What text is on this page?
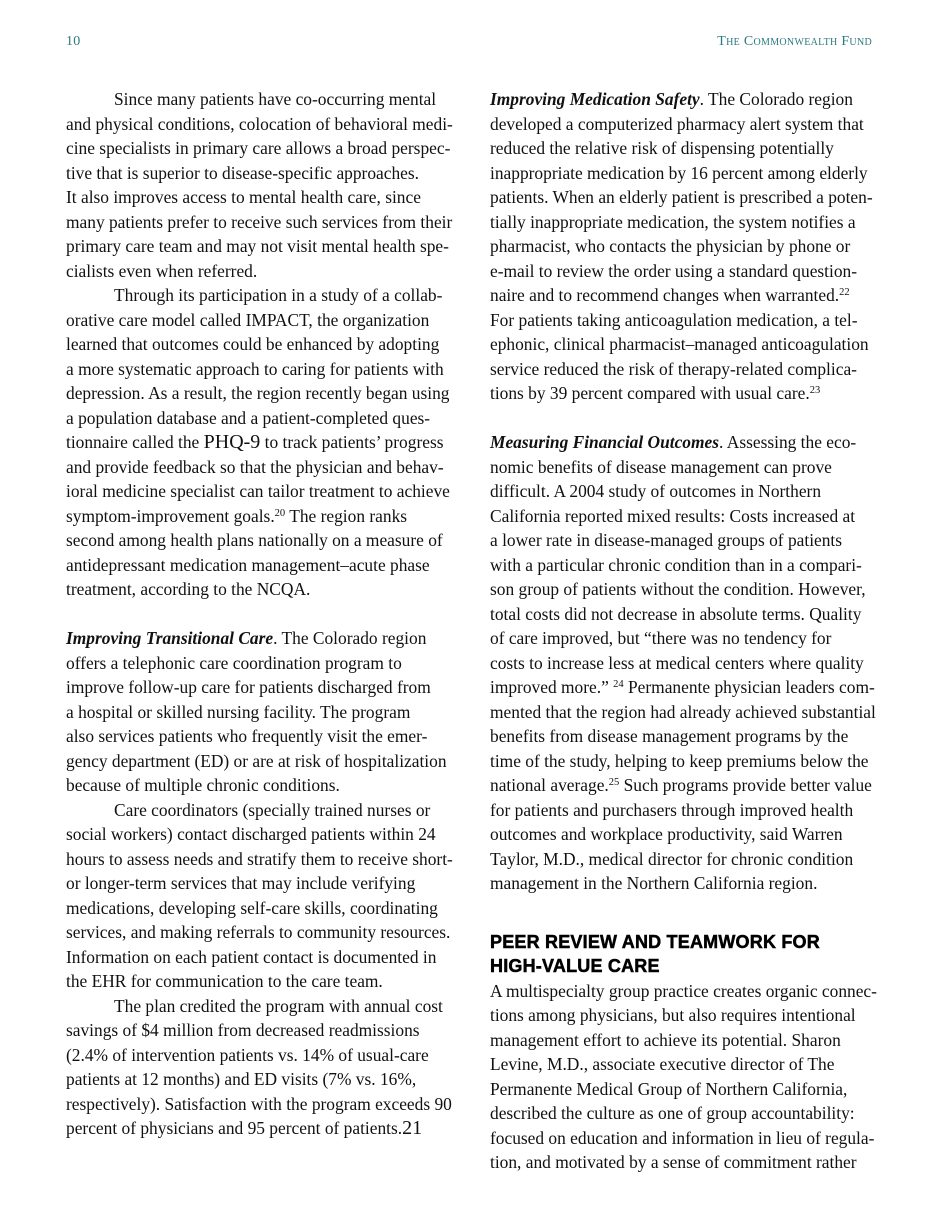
10	The Commonwealth Fund
Since many patients have co-occurring mental
and physical conditions, colocation of behavioral medi-
cine specialists in primary care allows a broad perspec-
tive that is superior to disease-specific approaches.
It also improves access to mental health care, since
many patients prefer to receive such services from their
primary care team and may not visit mental health spe-
cialists even when referred.
Through its participation in a study of a collab-
orative care model called IMPACT, the organization
learned that outcomes could be enhanced by adopting
a more systematic approach to caring for patients with
depression. As a result, the region recently began using
a population database and a patient-completed ques-
tionnaire called the PHQ-9 to track patients’ progress
and provide feedback so that the physician and behav-
ioral medicine specialist can tailor treatment to achieve
symptom-improvement goals.$^{20}$ The region ranks
second among health plans nationally on a measure of
antidepressant medication management–acute phase
treatment, according to the NCQA.
Improving Transitional Care. The Colorado region
offers a telephonic care coordination program to
improve follow-up care for patients discharged from
a hospital or skilled nursing facility. The program
also services patients who frequently visit the emer-
gency department (ED) or are at risk of hospitalization
because of multiple chronic conditions.
Care coordinators (specially trained nurses or
social workers) contact discharged patients within 24
hours to assess needs and stratify them to receive short-
or longer-term services that may include verifying
medications, developing self-care skills, coordinating
services, and making referrals to community resources.
Information on each patient contact is documented in
the EHR for communication to the care team.
The plan credited the program with annual cost
savings of $4 million from decreased readmissions
(2.4% of intervention patients vs. 14% of usual-care
patients at 12 months) and ED visits (7% vs. 16%,
respectively). Satisfaction with the program exceeds 90
percent of physicians and 95 percent of patients.21
Improving Medication Safety. The Colorado region
developed a computerized pharmacy alert system that
reduced the relative risk of dispensing potentially
inappropriate medication by 16 percent among elderly
patients. When an elderly patient is prescribed a poten-
tially inappropriate medication, the system notifies a
pharmacist, who contacts the physician by phone or
e-mail to review the order using a standard question-
naire and to recommend changes when warranted.$^{22}$
For patients taking anticoagulation medication, a tel-
ephonic, clinical pharmacist–managed anticoagulation
service reduced the risk of therapy-related complica-
tions by 39 percent compared with usual care.$^{23}$
Measuring Financial Outcomes. Assessing the eco-
nomic benefits of disease management can prove
difficult. A 2004 study of outcomes in Northern
California reported mixed results: Costs increased at
a lower rate in disease-managed groups of patients
with a particular chronic condition than in a compari-
son group of patients without the condition. However,
total costs did not decrease in absolute terms. Quality
of care improved, but “there was no tendency for
costs to increase less at medical centers where quality
improved more.” $^{24}$ Permanente physician leaders com-
mented that the region had already achieved substantial
benefits from disease management programs by the
time of the study, helping to keep premiums below the
national average.$^{25}$ Such programs provide better value
for patients and purchasers through improved health
outcomes and workplace productivity, said Warren
Taylor, M.D., medical director for chronic condition
management in the Northern California region.
PEER REVIEW AND TEAMWORK FOR
HIGH-VALUE CARE
A multispecialty group practice creates organic connec-
tions among physicians, but also requires intentional
management effort to achieve its potential. Sharon
Levine, M.D., associate executive director of The
Permanente Medical Group of Northern California,
described the culture as one of group accountability:
focused on education and information in lieu of regula-
tion, and motivated by a sense of commitment rather
